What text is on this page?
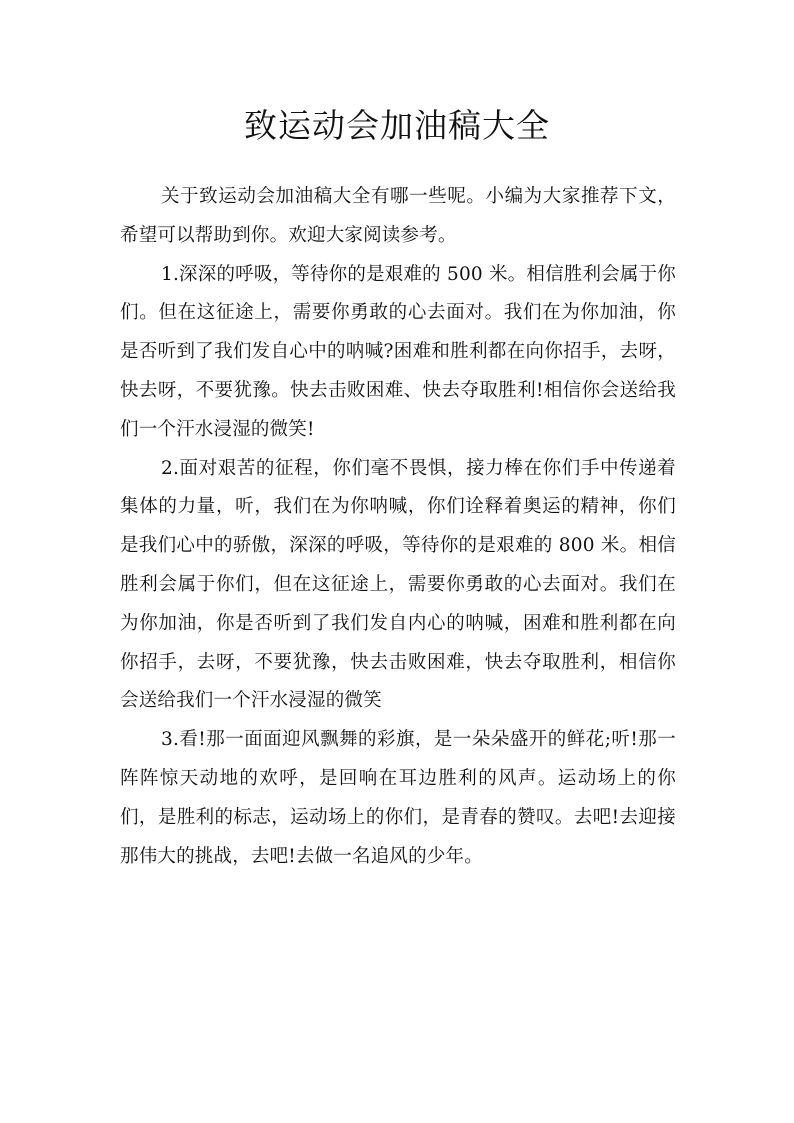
致运动会加油稿大全

关于致运动会加油稿大全有哪一些呢。小编为大家推荐下文，希望可以帮助到你。欢迎大家阅读参考。

1.深深的呼吸，等待你的是艰难的 500 米。相信胜利会属于你们。但在这征途上，需要你勇敢的心去面对。我们在为你加油，你是否听到了我们发自心中的呐喊?困难和胜利都在向你招手，去呀，快去呀，不要犹豫。快去击败困难、快去夺取胜利!相信你会送给我们一个汗水浸湿的微笑!

2.面对艰苦的征程，你们毫不畏惧，接力棒在你们手中传递着集体的力量，听，我们在为你呐喊，你们诠释着奥运的精神，你们是我们心中的骄傲，深深的呼吸，等待你的是艰难的 800 米。相信胜利会属于你们，但在这征途上，需要你勇敢的心去面对。我们在为你加油，你是否听到了我们发自内心的呐喊，困难和胜利都在向你招手，去呀，不要犹豫，快去击败困难，快去夺取胜利，相信你会送给我们一个汗水浸湿的微笑

3.看!那一面面迎风飘舞的彩旗，是一朵朵盛开的鲜花;听!那一阵阵惊天动地的欢呼，是回响在耳边胜利的风声。运动场上的你们，是胜利的标志，运动场上的你们，是青春的赞叹。去吧!去迎接那伟大的挑战，去吧!去做一名追风的少年。
